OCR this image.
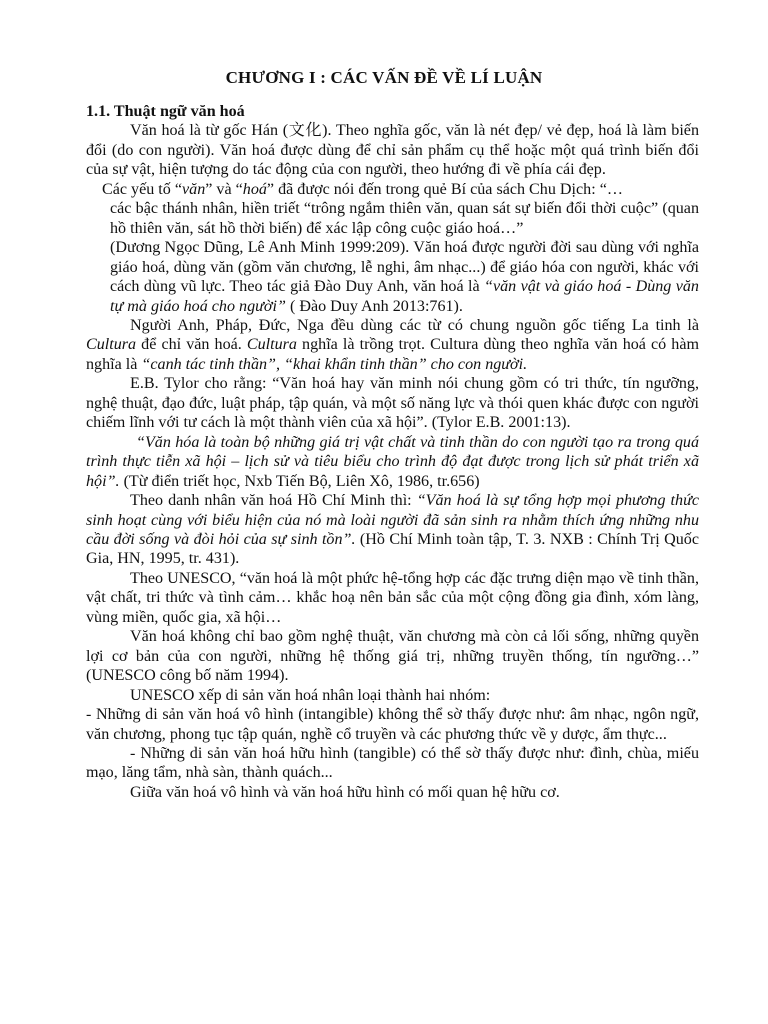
CHƯƠNG I : CÁC VẤN ĐỀ VỀ LÍ LUẬN

1.1. Thuật ngữ văn hoá

Văn hoá là từ gốc Hán (文化). Theo nghĩa gốc, văn là nét đẹp/ vẻ đẹp, hoá là làm biến đổi (do con người). Văn hoá được dùng để chỉ sản phẩm cụ thể hoặc một quá trình biến đổi của sự vật, hiện tượng do tác động của con người, theo hướng đi về phía cái đẹp.

Các yếu tố “văn” và “hoá” đã được nói đến trong quẻ Bí của sách Chu Dịch: “…

các bậc thánh nhân, hiền triết “trông ngắm thiên văn, quan sát sự biến đổi thời cuộc” (quan hồ thiên văn, sát hồ thời biến) để xác lập công cuộc giáo hoá…”

(Dương Ngọc Dũng, Lê Anh Minh 1999:209). Văn hoá được người đời sau dùng với nghĩa giáo hoá, dùng văn (gồm văn chương, lễ nghi, âm nhạc...) để giáo hóa con người, khác với cách dùng vũ lực. Theo tác giả Đào Duy Anh, văn hoá là “văn vật và giáo hoá - Dùng văn tự mà giáo hoá cho người” ( Đào Duy Anh 2013:761).

Người Anh, Pháp, Đức, Nga đều dùng các từ có chung nguồn gốc tiếng La tinh là Cultura để chỉ văn hoá. Cultura nghĩa là trồng trọt. Cultura dùng theo nghĩa văn hoá có hàm nghĩa là “canh tác tinh thần”, “khai khẩn tinh thần” cho con người.

E.B. Tylor cho rằng: “Văn hoá hay văn minh nói chung gồm có tri thức, tín ngưỡng, nghệ thuật, đạo đức, luật pháp, tập quán, và một số năng lực và thói quen khác được con người chiếm lĩnh với tư cách là một thành viên của xã hội”. (Tylor E.B. 2001:13).

“Văn hóa là toàn bộ những giá trị vật chất và tinh thần do con người tạo ra trong quá trình thực tiễn xã hội – lịch sử và tiêu biểu cho trình độ đạt được trong lịch sử phát triển xã hội”. (Từ điển triết học, Nxb Tiến Bộ, Liên Xô, 1986, tr.656)

Theo danh nhân văn hoá Hồ Chí Minh thì: “Văn hoá là sự tổng hợp mọi phương thức sinh hoạt cùng với biểu hiện của nó mà loài người đã sản sinh ra nhằm thích ứng những nhu cầu đời sống và đòi hỏi của sự sinh tồn”. (Hồ Chí Minh toàn tập, T. 3. NXB : Chính Trị Quốc Gia, HN, 1995, tr. 431).

Theo UNESCO, “văn hoá là một phức hệ-tổng hợp các đặc trưng diện mạo về tinh thần, vật chất, tri thức và tình cảm… khắc hoạ nên bản sắc của một cộng đồng gia đình, xóm làng, vùng miền, quốc gia, xã hội…

Văn hoá không chỉ bao gồm nghệ thuật, văn chương mà còn cả lối sống, những quyền lợi cơ bản của con người, những hệ thống giá trị, những truyền thống, tín ngưỡng…” (UNESCO công bố năm 1994).

UNESCO xếp di sản văn hoá nhân loại thành hai nhóm:

- Những di sản văn hoá vô hình (intangible) không thể sờ thấy được như: âm nhạc, ngôn ngữ, văn chương, phong tục tập quán, nghề cổ truyền và các phương thức về y dược, ẩm thực...

- Những di sản văn hoá hữu hình (tangible) có thể sờ thấy được như: đình, chùa, miếu mạo, lăng tẩm, nhà sàn, thành quách...

Giữa văn hoá vô hình và văn hoá hữu hình có mối quan hệ hữu cơ.
